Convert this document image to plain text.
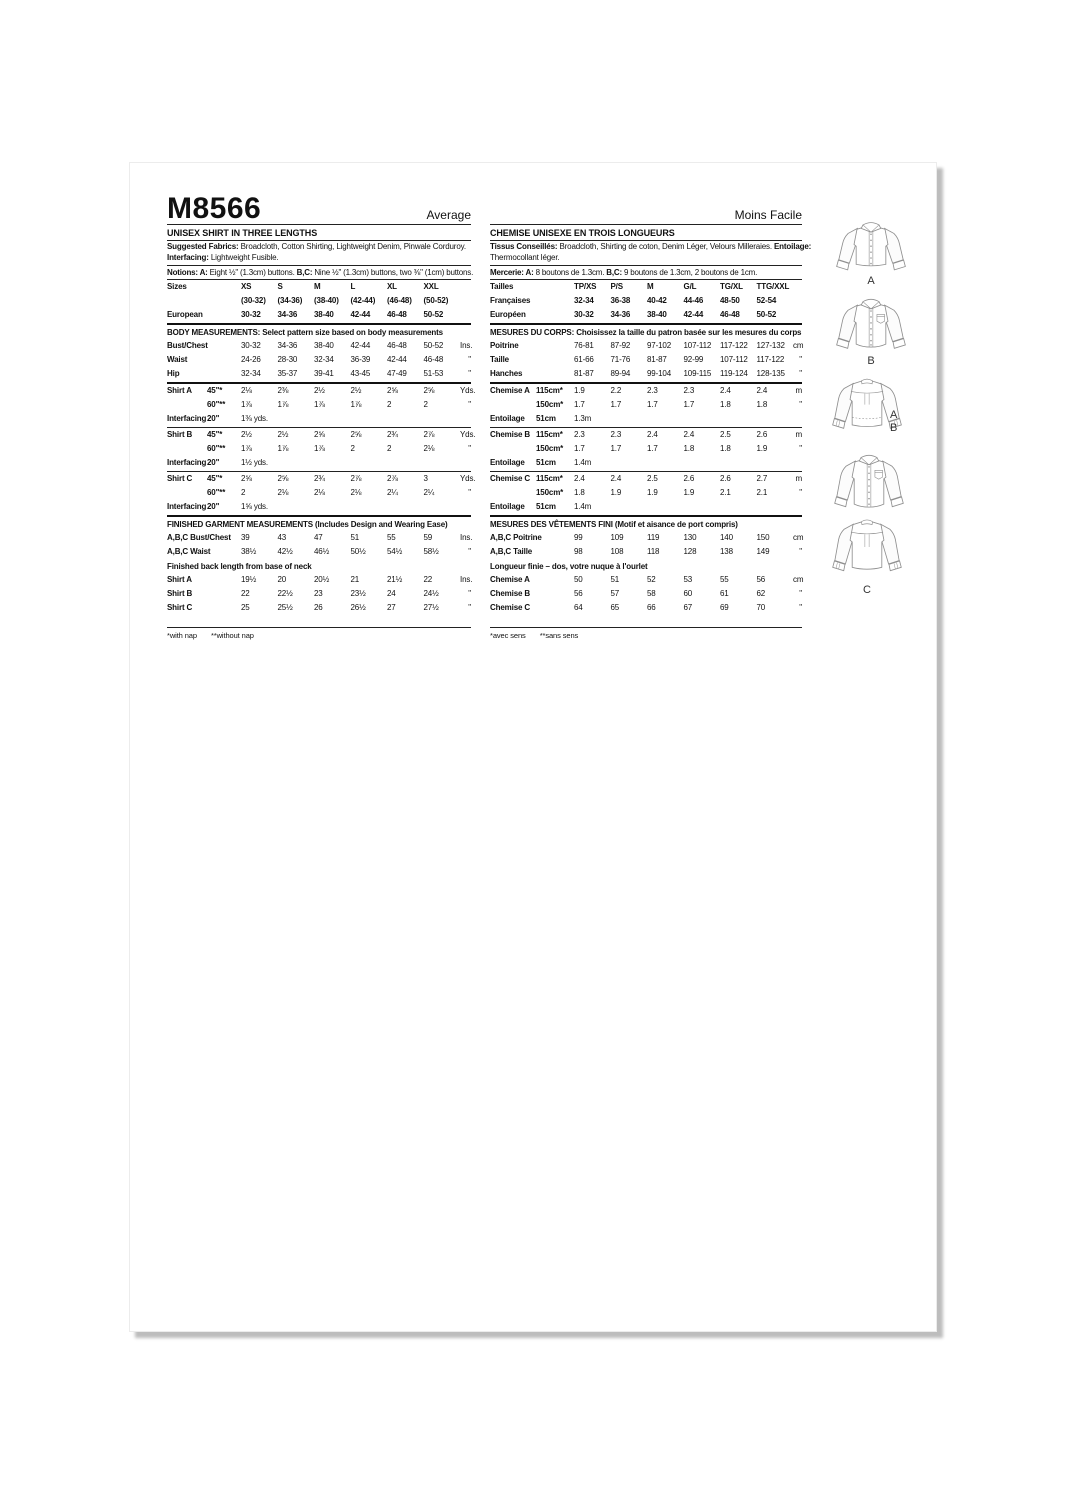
M8566	Average
UNISEX SHIRT IN THREE LENGTHS
Suggested Fabrics: Broadcloth, Cotton Shirting, Lightweight Denim, Pinwale Corduroy.
Interfacing: Lightweight Fusible.
Notions: A: Eight ½" (1.3cm) buttons. B,C: Nine ½" (1.3cm) buttons, two ⅜" (1cm) buttons.
Sizes	XS	S	M	L	XL	XXL
(30-32)	(34-36)	(38-40)	(42-44)	(46-48)	(50-52)
European	30-32	34-36	38-40	42-44	46-48	50-52
BODY MEASUREMENTS: Select pattern size based on body measurements
Bust/Chest	30-32	34-36	38-40	42-44	46-48	50-52	Ins.
Waist	24-26	28-30	32-34	36-39	42-44	46-48	"
Hip	32-34	35-37	39-41	43-45	47-49	51-53	"
Shirt A	45"*	2⅛	2⅜	2½	2½	2⅝	2⅝	Yds.
60"**	1⅞	1⅞	1⅞	1⅞	2	2	"
Interfacing 20"	1⅜ yds.
Shirt B	45"*	2½	2½	2⅝	2⅝	2¾	2⅞	Yds.
60"**	1⅞	1⅞	1⅞	2	2	2⅛	"
Interfacing 20"	1½ yds.
Shirt C	45"*	2⅝	2⅝	2¾	2⅞	2⅞	3	Yds.
60"**	2	2⅛	2⅛	2⅛	2¼	2¼	"
Interfacing 20"	1⅝ yds.
FINISHED GARMENT MEASUREMENTS (Includes Design and Wearing Ease)
A,B,C Bust/Chest 39	43	47	51	55	59	Ins.
A,B,C Waist	38½	42½	46½	50½	54½	58½	"
Finished back length from base of neck
Shirt A	19½	20	20½	21	21½	22	Ins.
Shirt B	22	22½	23	23½	24	24½	"
Shirt C	25	25½	26	26½	27	27½	"
*with nap **without nap
Moins Facile
CHEMISE UNISEXE EN TROIS LONGUEURS
Tissus Conseillés: Broadcloth, Shirting de coton, Denim Léger, Velours Milleraies. Entoilage:
Thermocollant léger.
Mercerie: A: 8 boutons de 1.3cm. B,C: 9 boutons de 1.3cm, 2 boutons de 1cm.
Tailles	TP/XS	P/S	M	G/L	TG/XL	TTG/XXL
Françaises	32-34	36-38	40-42	44-46	48-50	52-54
Européen	30-32	34-36	38-40	42-44	46-48	50-52
MESURES DU CORPS: Choisissez la taille du patron basée sur les mesures du corps
Poitrine	76-81	87-92	97-102	107-112	117-122	127-132	cm
Taille	61-66	71-76	81-87	92-99	107-112	117-122	"
Hanches	81-87	89-94	99-104	109-115	119-124	128-135	"
Chemise A 115cm*	1.9	2.2	2.3	2.3	2.4	2.4	m
150cm*	1.7	1.7	1.7	1.7	1.8	1.8	"
Entoilage	51cm	1.3m
Chemise B 115cm*	2.3	2.3	2.4	2.4	2.5	2.6	m
150cm*	1.7	1.7	1.7	1.8	1.8	1.9	"
Entoilage	51cm	1.4m
Chemise C 115cm*	2.4	2.4	2.5	2.6	2.6	2.7	m
150cm*	1.8	1.9	1.9	1.9	2.1	2.1	"
Entoilage	51cm	1.4m
MESURES DES VÊTEMENTS FINI (Motif et aisance de port compris)
A,B,C Poitrine	99	109	119	130	140	150	cm
A,B,C Taille	98	108	118	128	138	149	"
Longueur finie – dos, votre nuque à l'ourlet
Chemise A	50	51	52	53	55	56	cm
Chemise B	56	57	58	60	61	62	"
Chemise C	64	65	66	67	69	70	"
*avec sens **sans sens
A
B
A
B
C
